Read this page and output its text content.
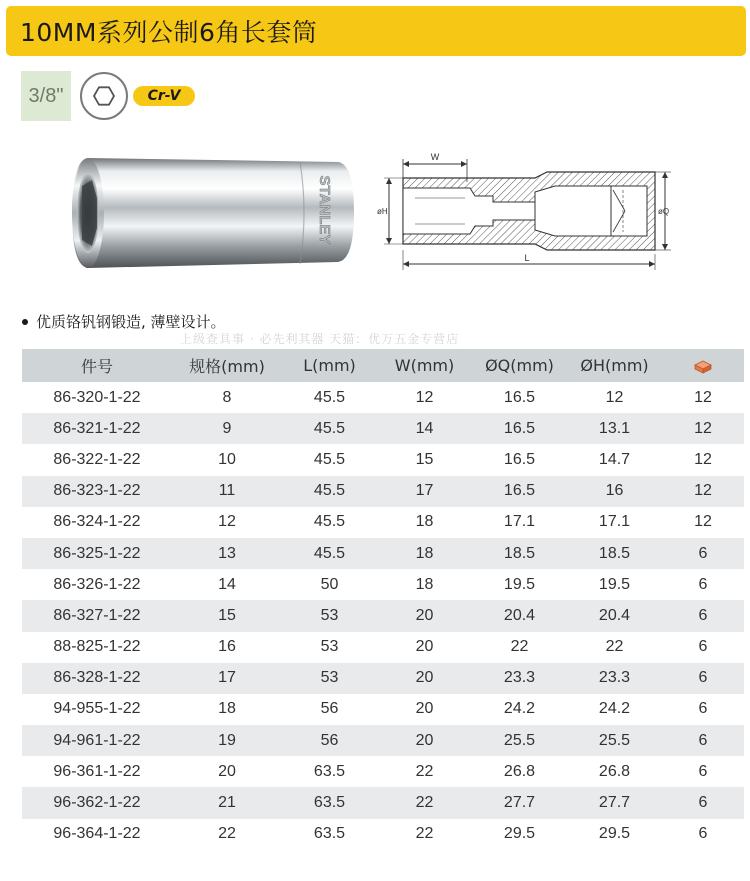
10MM系列公制6角长套筒
3/8"	Cr-V
STANLEY
W
øH	øQ
L
优质铬钒钢锻造, 薄壁设计。
上级查具事 · 必先利其器 天猫：优万五金专营店
件号	规格(mm)	L(mm)	W(mm)	ØQ(mm)	ØH(mm)	
86-320-1-22	8	45.5	12	16.5	12	12
86-321-1-22	9	45.5	14	16.5	13.1	12
86-322-1-22	10	45.5	15	16.5	14.7	12
86-323-1-22	11	45.5	17	16.5	16	12
86-324-1-22	12	45.5	18	17.1	17.1	12
86-325-1-22	13	45.5	18	18.5	18.5	6
86-326-1-22	14	50	18	19.5	19.5	6
86-327-1-22	15	53	20	20.4	20.4	6
88-825-1-22	16	53	20	22	22	6
86-328-1-22	17	53	20	23.3	23.3	6
94-955-1-22	18	56	20	24.2	24.2	6
94-961-1-22	19	56	20	25.5	25.5	6
96-361-1-22	20	63.5	22	26.8	26.8	6
96-362-1-22	21	63.5	22	27.7	27.7	6
96-364-1-22	22	63.5	22	29.5	29.5	6
